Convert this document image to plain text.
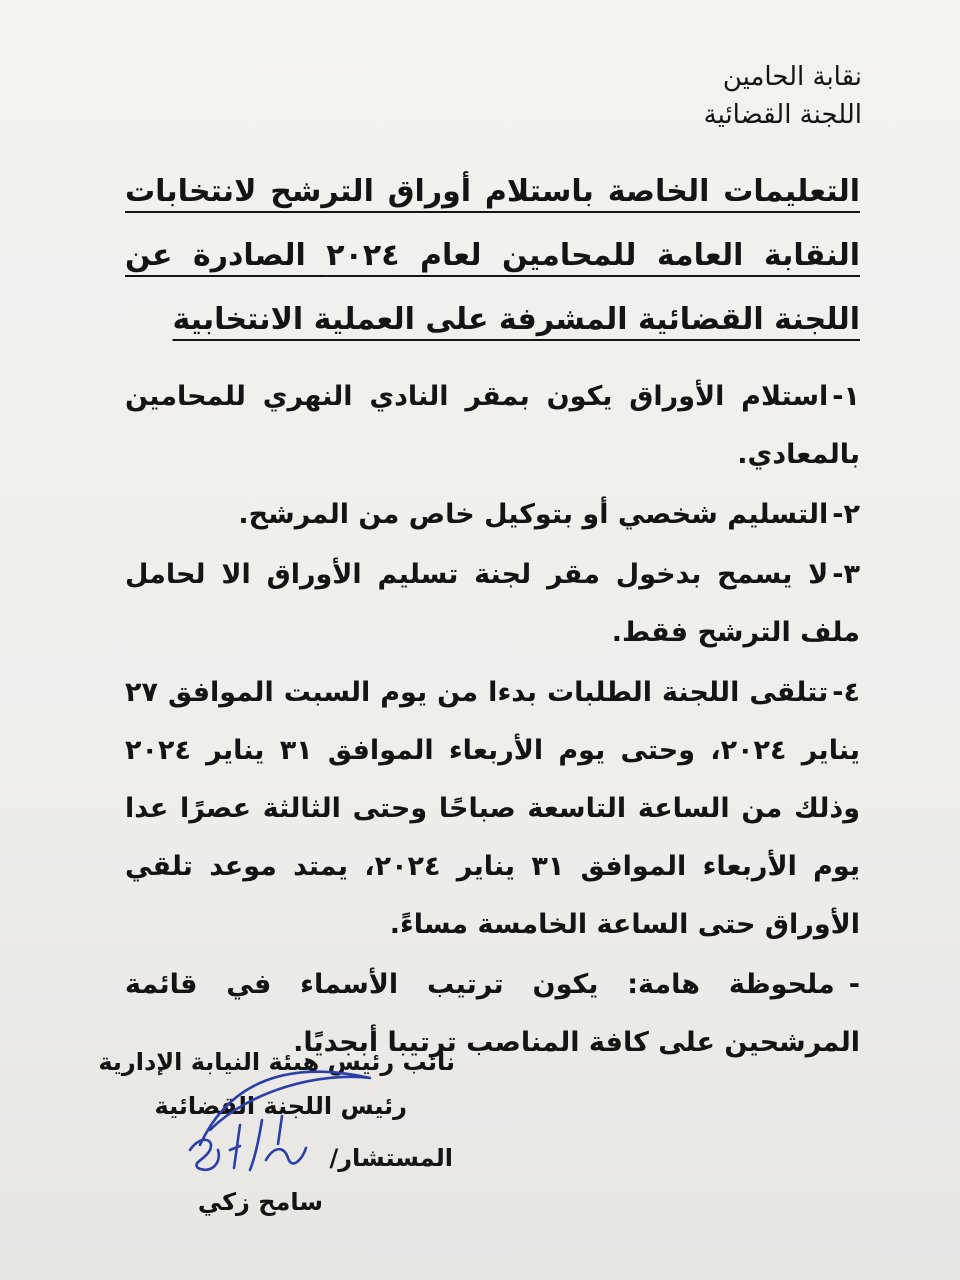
نقابة الحامين
اللجنة القضائية
التعليمات الخاصة باستلام أوراق الترشح لانتخابات النقابة العامة للمحامين لعام ٢٠٢٤ الصادرة عن اللجنة القضائية المشرفة على العملية الانتخابية

١-استلام الأوراق يكون بمقر النادي النهري للمحامين بالمعادي.

٢-التسليم شخصي أو بتوكيل خاص من المرشح.

٣-لا يسمح بدخول مقر لجنة تسليم الأوراق الا لحامل ملف الترشح فقط.

٤-تتلقى اللجنة الطلبات بدءا من يوم السبت الموافق ٢٧ يناير ٢٠٢٤، وحتى يوم الأربعاء الموافق ٣١ يناير ٢٠٢٤ وذلك من الساعة التاسعة صباحًا وحتى الثالثة عصرًا عدا يوم الأربعاء الموافق ٣١ يناير ٢٠٢٤، يمتد موعد تلقي الأوراق حتى الساعة الخامسة مساءً.

-ملحوظة هامة: يكون ترتيب الأسماء في قائمة المرشحين على كافة المناصب ترتيبا أبجديًا.

نائب رئيس هيئة النيابة الإدارية
رئيس اللجنة القضائية
المستشار/
سامح زكي
